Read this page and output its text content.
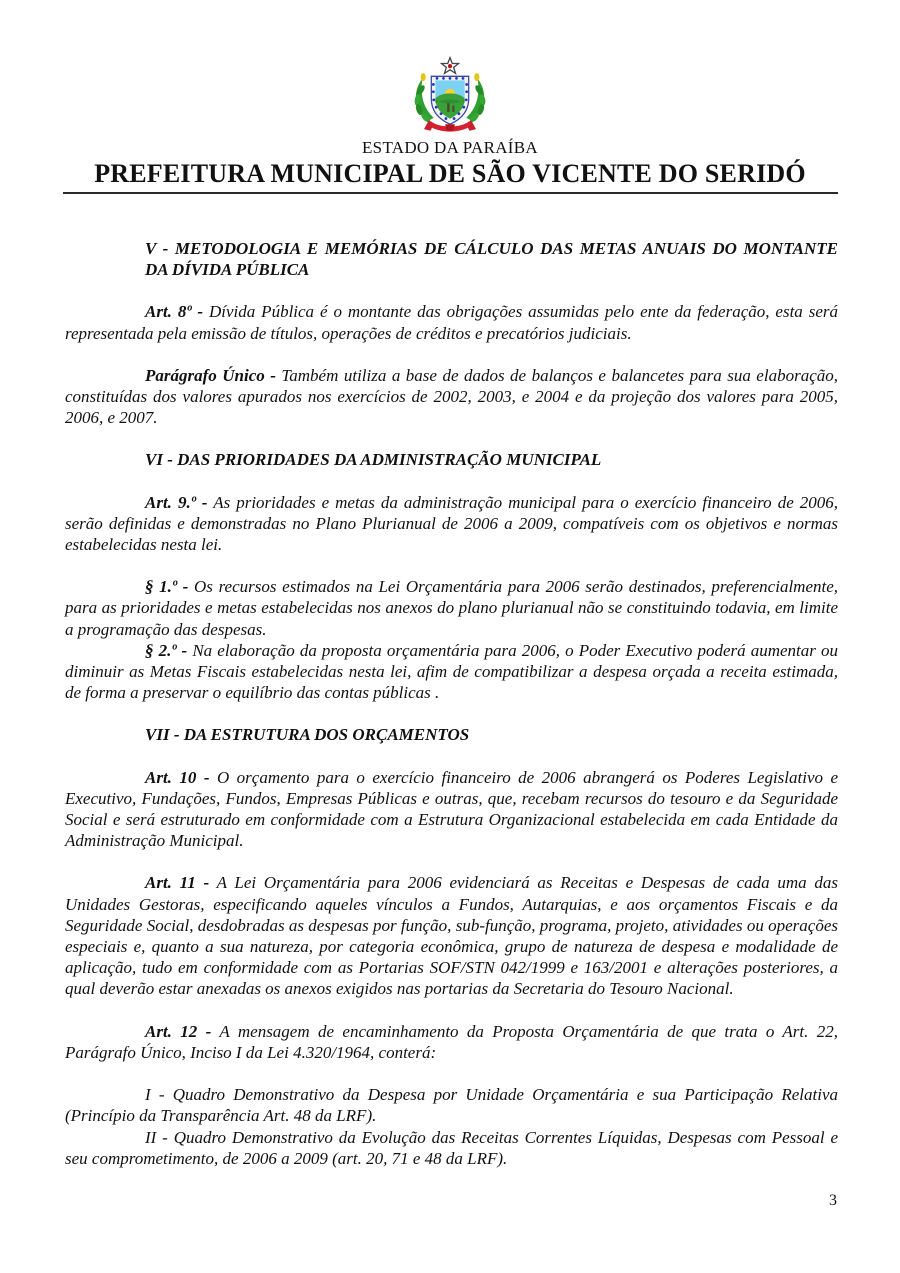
ESTADO DA PARAÍBA
PREFEITURA MUNICIPAL DE SÃO VICENTE DO SERIDÓ

V - METODOLOGIA E MEMÓRIAS DE CÁLCULO DAS METAS ANUAIS DO MONTANTE DA DÍVIDA PÚBLICA

Art. 8º - Dívida Pública é o montante das obrigações assumidas pelo ente da federação, esta será representada pela emissão de títulos, operações de créditos e precatórios judiciais.

Parágrafo Único - Também utiliza a base de dados de balanços e balancetes para sua elaboração, constituídas dos valores apurados nos exercícios de 2002, 2003, e 2004 e da projeção dos valores para 2005, 2006, e 2007.

VI - DAS PRIORIDADES DA ADMINISTRAÇÃO MUNICIPAL

Art. 9.º - As prioridades e metas da administração municipal para o exercício financeiro de 2006, serão definidas e demonstradas no Plano Plurianual de 2006 a 2009, compatíveis com os objetivos e normas estabelecidas nesta lei.

§ 1.º - Os recursos estimados na Lei Orçamentária para 2006 serão destinados, preferencialmente, para as prioridades e metas estabelecidas nos anexos do plano plurianual não se constituindo todavia, em limite a programação das despesas.

§ 2.º - Na elaboração da proposta orçamentária para 2006, o Poder Executivo poderá aumentar ou diminuir as Metas Fiscais estabelecidas nesta lei, afim de compatibilizar a despesa orçada a receita estimada, de forma a preservar o equilíbrio das contas públicas .

VII - DA ESTRUTURA DOS ORÇAMENTOS

Art. 10 - O orçamento para o exercício financeiro de 2006 abrangerá os Poderes Legislativo e Executivo, Fundações, Fundos, Empresas Públicas e outras, que, recebam recursos do tesouro e da Seguridade Social e será estruturado em conformidade com a Estrutura Organizacional estabelecida em cada Entidade da Administração Municipal.

Art. 11 - A Lei Orçamentária para 2006 evidenciará as Receitas e Despesas de cada uma das Unidades Gestoras, especificando aqueles vínculos a Fundos, Autarquias, e aos orçamentos Fiscais e da Seguridade Social, desdobradas as despesas por função, sub-função, programa, projeto, atividades ou operações especiais e, quanto a sua natureza, por categoria econômica, grupo de natureza de despesa e modalidade de aplicação, tudo em conformidade com as Portarias SOF/STN 042/1999 e 163/2001 e alterações posteriores, a qual deverão estar anexadas os anexos exigidos nas portarias da Secretaria do Tesouro Nacional.

Art. 12 - A mensagem de encaminhamento da Proposta Orçamentária de que trata o Art. 22, Parágrafo Único, Inciso I da Lei 4.320/1964, conterá:

I - Quadro Demonstrativo da Despesa por Unidade Orçamentária e sua Participação Relativa (Princípio da Transparência Art. 48 da LRF).

II - Quadro Demonstrativo da Evolução das Receitas Correntes Líquidas, Despesas com Pessoal e seu comprometimento, de 2006 a 2009 (art. 20, 71 e 48 da LRF).

3
